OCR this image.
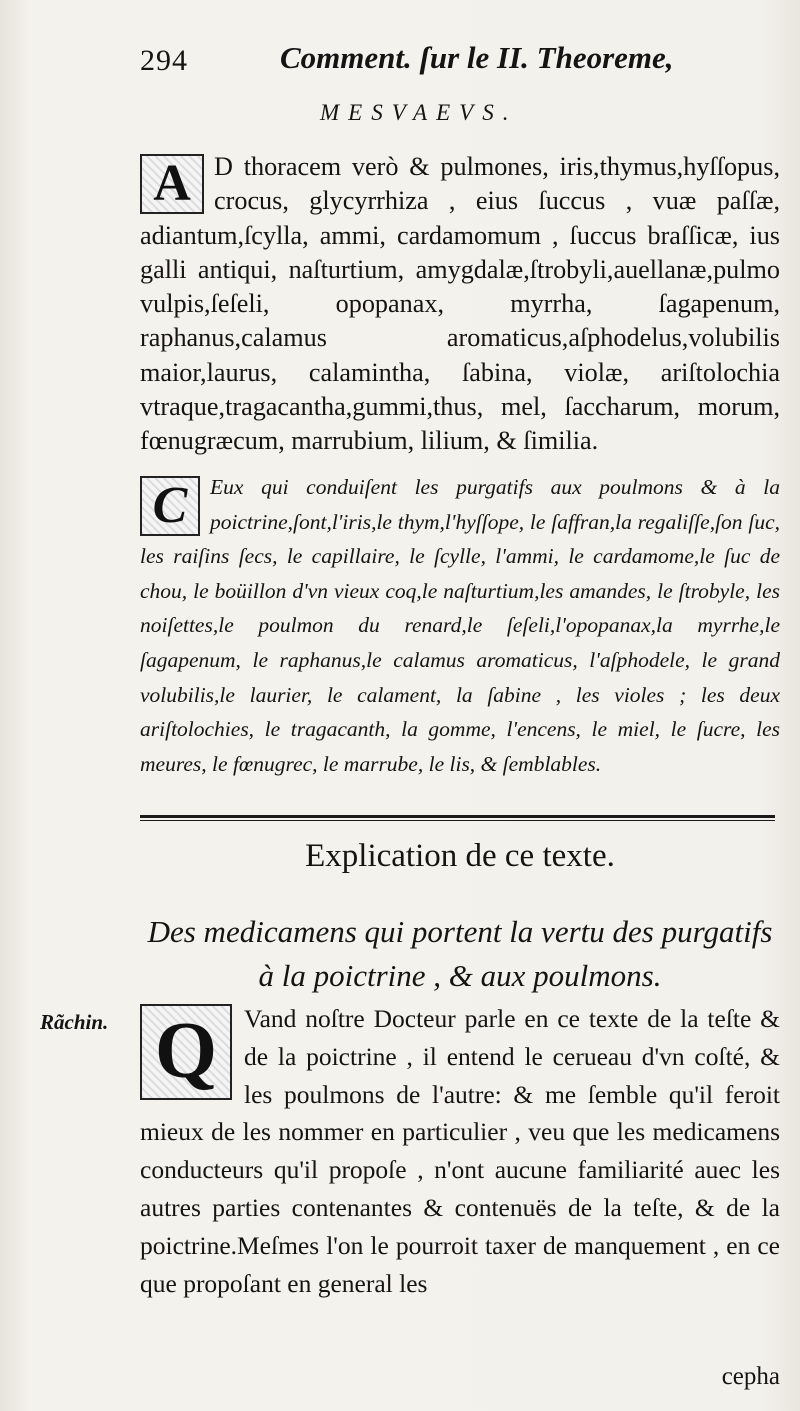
294	Comment. ſur le II. Theoreme,
MESVAEVS.
A D thoracem verò & pulmones, iris,thymus,hyſſopus, crocus, glycyrrhiza , eius ſuccus , vuæ paſſæ, adiantum,ſcylla, ammi, cardamomum , ſuccus braſſicæ, ius galli antiqui, naſturtium, amygdalæ,ſtrobyli,auellanæ,pulmo vulpis,ſeſeli, opopanax, myrrha, ſagapenum, raphanus,calamus aromaticus,aſphodelus,volubilis maior,laurus, calamintha, ſabina, violæ, ariſtolochia vtraque,tragacantha,gummi,thus, mel, ſaccharum, morum, fœnugræcum, marrubium, lilium, & ſimilia.
C	Eux qui conduiſent les purgatifs aux poulmons & à la poictrine,ſont,l'iris,le thym,l'hyſſope, le ſaffran,la regaliſſe,ſon ſuc, les raiſins ſecs, le capillaire, le ſcylle, l'ammi, le cardamome,le ſuc de chou, le boüillon d'vn vieux coq,le naſturtium,les amandes, le ſtrobyle, les noiſettes,le poulmon du renard,le ſeſeli,l'opopanax,la myrrhe,le ſagapenum, le raphanus,le calamus aromaticus, l'aſphodele, le grand volubilis,le laurier, le calament, la ſabine , les violes ; les deux ariſtolochies, le tragacanth, la gomme, l'encens, le miel, le ſucre, les meures, le fœnugrec, le marrube, le lis, & ſemblables.
Explication de ce texte.
Des medicamens qui portent la vertu des purgatifs
à la poictrine , & aux poulmons.
Rãchin. Q	Vand noſtre Docteur parle en ce texte de la teſte & de la poictrine , il entend le cerueau d'vn coſté, & les poulmons de l'autre: & me ſemble qu'il feroit mieux de les nommer en particulier , veu que les medicamens conducteurs qu'il propoſe , n'ont aucune familiarité auec les autres parties contenantes & contenuës de la teſte, & de la poictrine.Meſmes l'on le pourroit taxer de manquement , en ce que propoſant en general les
cepha
